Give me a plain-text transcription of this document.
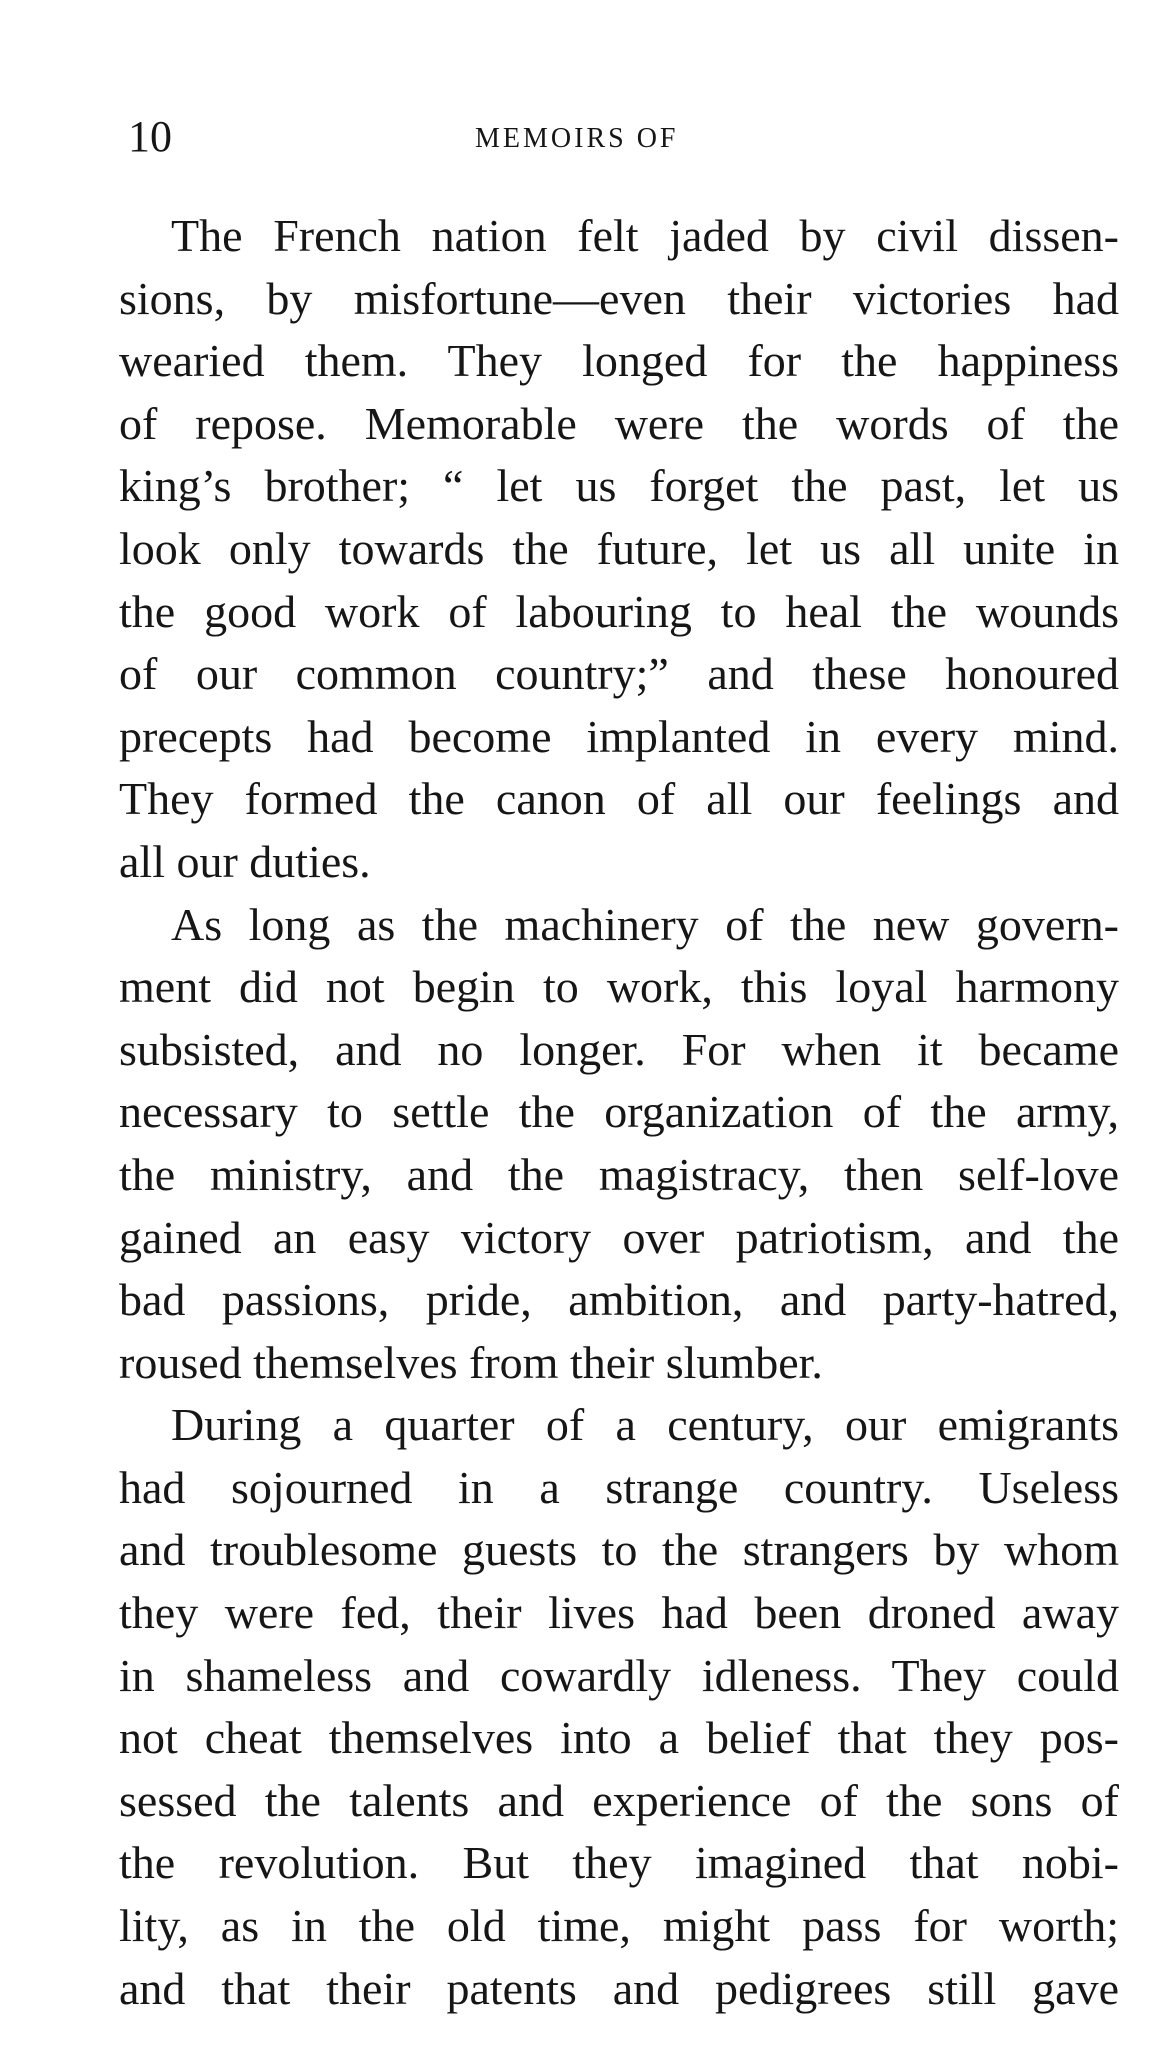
10	MEMOIRS OF

The French nation felt jaded by civil dissen-
sions, by misfortune—even their victories had
wearied them. They longed for the happiness
of repose. Memorable were the words of the
king’s brother; “ let us forget the past, let us
look only towards the future, let us all unite in
the good work of labouring to heal the wounds
of our common country;” and these honoured
precepts had become implanted in every mind.
They formed the canon of all our feelings and
all our duties.

As long as the machinery of the new govern-
ment did not begin to work, this loyal harmony
subsisted, and no longer. For when it became
necessary to settle the organization of the army,
the ministry, and the magistracy, then self-love
gained an easy victory over patriotism, and the
bad passions, pride, ambition, and party-hatred,
roused themselves from their slumber.

During a quarter of a century, our emigrants
had sojourned in a strange country. Useless
and troublesome guests to the strangers by whom
they were fed, their lives had been droned away
in shameless and cowardly idleness. They could
not cheat themselves into a belief that they pos-
sessed the talents and experience of the sons of
the revolution. But they imagined that nobi-
lity, as in the old time, might pass for worth;
and that their patents and pedigrees still gave
